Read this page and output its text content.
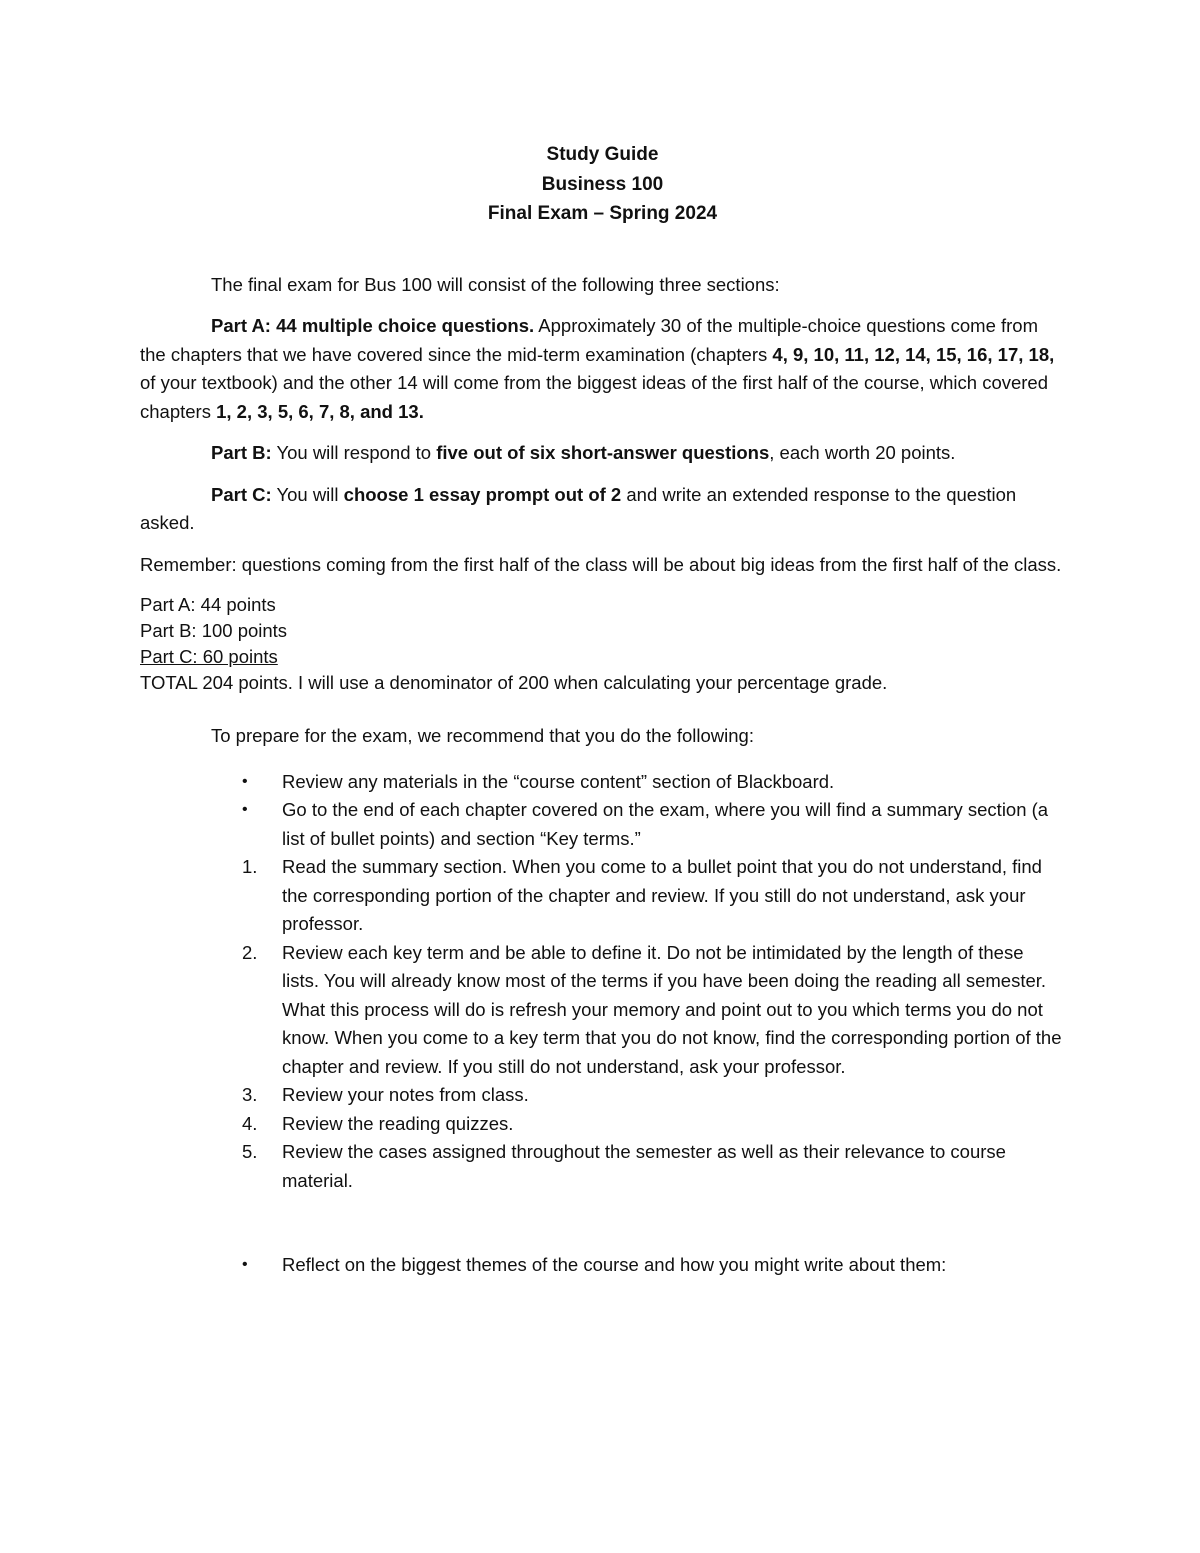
Study Guide
Business 100
Final Exam – Spring 2024

The final exam for Bus 100 will consist of the following three sections:

Part A: 44 multiple choice questions. Approximately 30 of the multiple-choice questions come from the chapters that we have covered since the mid-term examination (chapters 4, 9, 10, 11, 12, 14, 15, 16, 17, 18, of your textbook) and the other 14 will come from the biggest ideas of the first half of the course, which covered chapters 1, 2, 3, 5, 6, 7, 8, and 13.

Part B: You will respond to five out of six short-answer questions, each worth 20 points.

Part C: You will choose 1 essay prompt out of 2 and write an extended response to the question asked.

Remember: questions coming from the first half of the class will be about big ideas from the first half of the class.

Part A: 44 points
Part B: 100 points
Part C: 60 points
TOTAL 204 points. I will use a denominator of 200 when calculating your percentage grade.

To prepare for the exam, we recommend that you do the following:

• Review any materials in the “course content” section of Blackboard.
• Go to the end of each chapter covered on the exam, where you will find a summary section (a list of bullet points) and section “Key terms.”
1. Read the summary section. When you come to a bullet point that you do not understand, find the corresponding portion of the chapter and review. If you still do not understand, ask your professor.
2. Review each key term and be able to define it. Do not be intimidated by the length of these lists. You will already know most of the terms if you have been doing the reading all semester. What this process will do is refresh your memory and point out to you which terms you do not know. When you come to a key term that you do not know, find the corresponding portion of the chapter and review. If you still do not understand, ask your professor.
3. Review your notes from class.
4. Review the reading quizzes.
5. Review the cases assigned throughout the semester as well as their relevance to course material.
• Reflect on the biggest themes of the course and how you might write about them:
